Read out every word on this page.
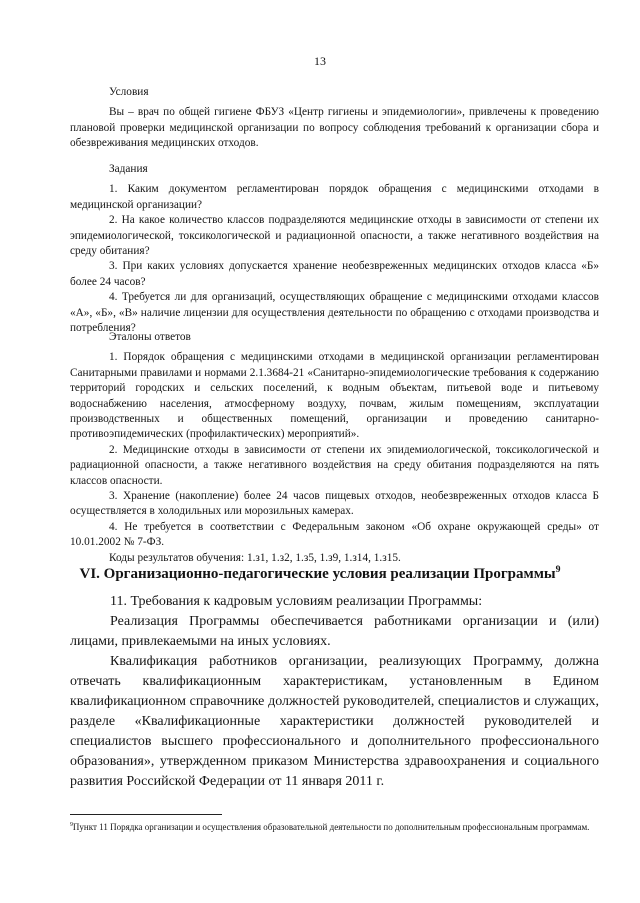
13

Условия

Вы – врач по общей гигиене ФБУЗ «Центр гигиены и эпидемиологии», привлечены к проведению плановой проверки медицинской организации по вопросу соблюдения требований к организации сбора и обезвреживания медицинских отходов.

Задания

1. Каким документом регламентирован порядок обращения с медицинскими отходами в медицинской организации?

2. На какое количество классов подразделяются медицинские отходы в зависимости от степени их эпидемиологической, токсикологической и радиационной опасности, а также негативного воздействия на среду обитания?

3. При каких условиях допускается хранение необезвреженных медицинских отходов класса «Б» более 24 часов?

4. Требуется ли для организаций, осуществляющих обращение с медицинскими отходами классов «А», «Б», «В» наличие лицензии для осуществления деятельности по обращению с отходами производства и потребления?

Эталоны ответов

1. Порядок обращения с медицинскими отходами в медицинской организации регламентирован Санитарными правилами и нормами 2.1.3684-21 «Санитарно-эпидемиологические требования к содержанию территорий городских и сельских поселений, к водным объектам, питьевой воде и питьевому водоснабжению населения, атмосферному воздуху, почвам, жилым помещениям, эксплуатации производственных и общественных помещений, организации и проведению санитарно-противоэпидемических (профилактических) мероприятий».

2. Медицинские отходы в зависимости от степени их эпидемиологической, токсикологической и радиационной опасности, а также негативного воздействия на среду обитания подразделяются на пять классов опасности.

3. Хранение (накопление) более 24 часов пищевых отходов, необезвреженных отходов класса Б осуществляется в холодильных или морозильных камерах.

4. Не требуется в соответствии с Федеральным законом «Об охране окружающей среды» от 10.01.2002 № 7-ФЗ.

Коды результатов обучения: 1.з1, 1.з2, 1.з5, 1.з9, 1.з14, 1.з15.

VI. Организационно-педагогические условия реализации Программы$^9$

11. Требования к кадровым условиям реализации Программы:

Реализация Программы обеспечивается работниками организации и (или) лицами, привлекаемыми на иных условиях.

Квалификация работников организации, реализующих Программу, должна отвечать квалификационным характеристикам, установленным в Едином квалификационном справочнике должностей руководителей, специалистов и служащих, разделе «Квалификационные характеристики должностей руководителей и специалистов высшего профессионального и дополнительного профессионального образования», утвержденном приказом Министерства здравоохранения и социального развития Российской Федерации от 11 января 2011 г.

$^9$Пункт 11 Порядка организации и осуществления образовательной деятельности по дополнительным профессиональным программам.
